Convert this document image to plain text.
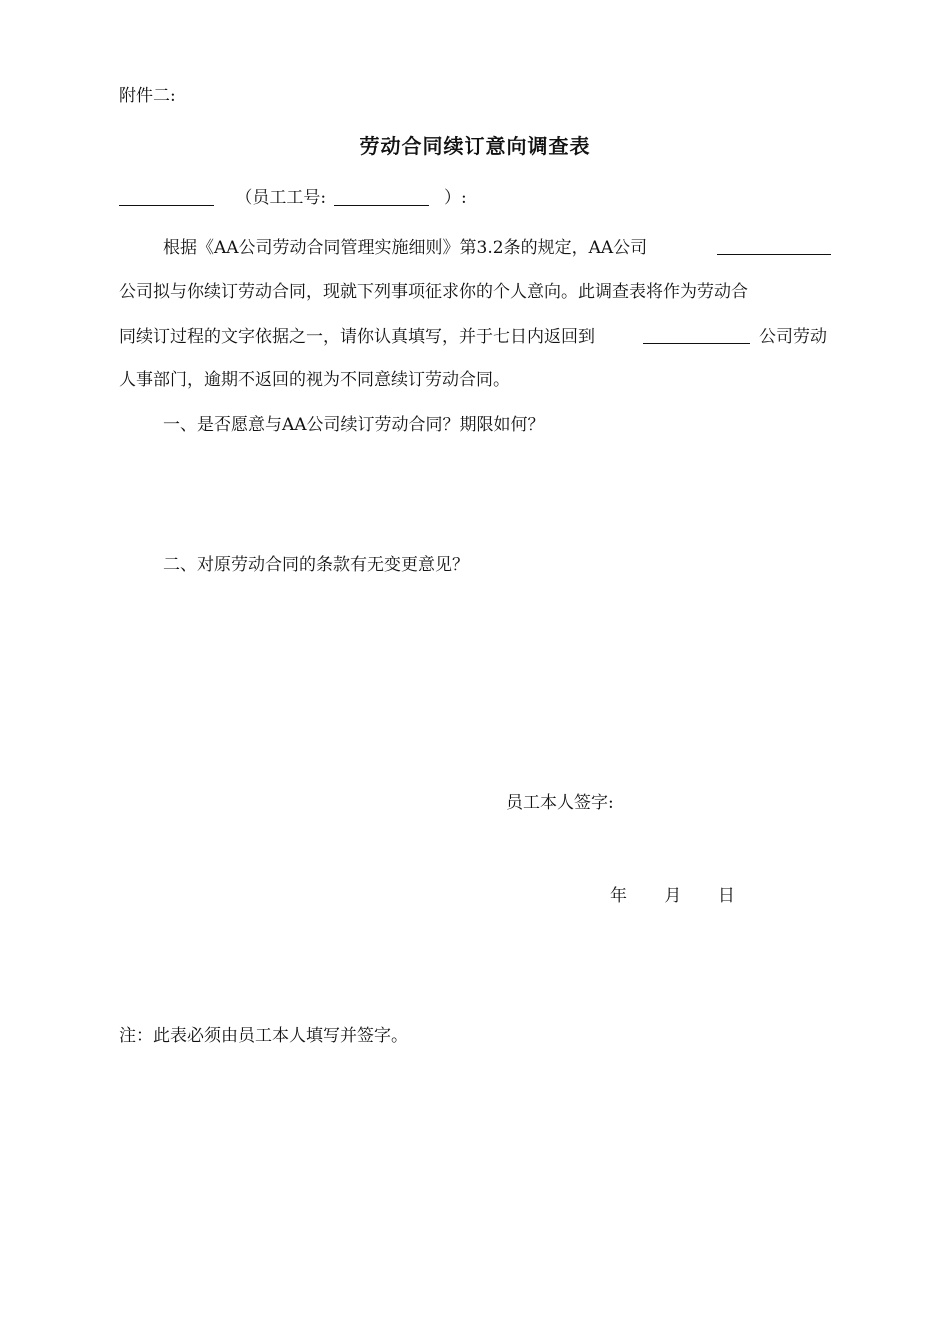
附件二:
劳动合同续订意向调查表
（员工工号:	）:
根据《AA公司劳动合同管理实施细则》第3.2条的规定，AA公司
公司拟与你续订劳动合同，现就下列事项征求你的个人意向。此调查表将作为劳动合
同续订过程的文字依据之一，请你认真填写，并于七日内返回到	公司劳动
人事部门，逾期不返回的视为不同意续订劳动合同。
一、是否愿意与AA公司续订劳动合同？期限如何？
二、对原劳动合同的条款有无变更意见？
员工本人签字:
年 月 日
注：此表必须由员工本人填写并签字。
